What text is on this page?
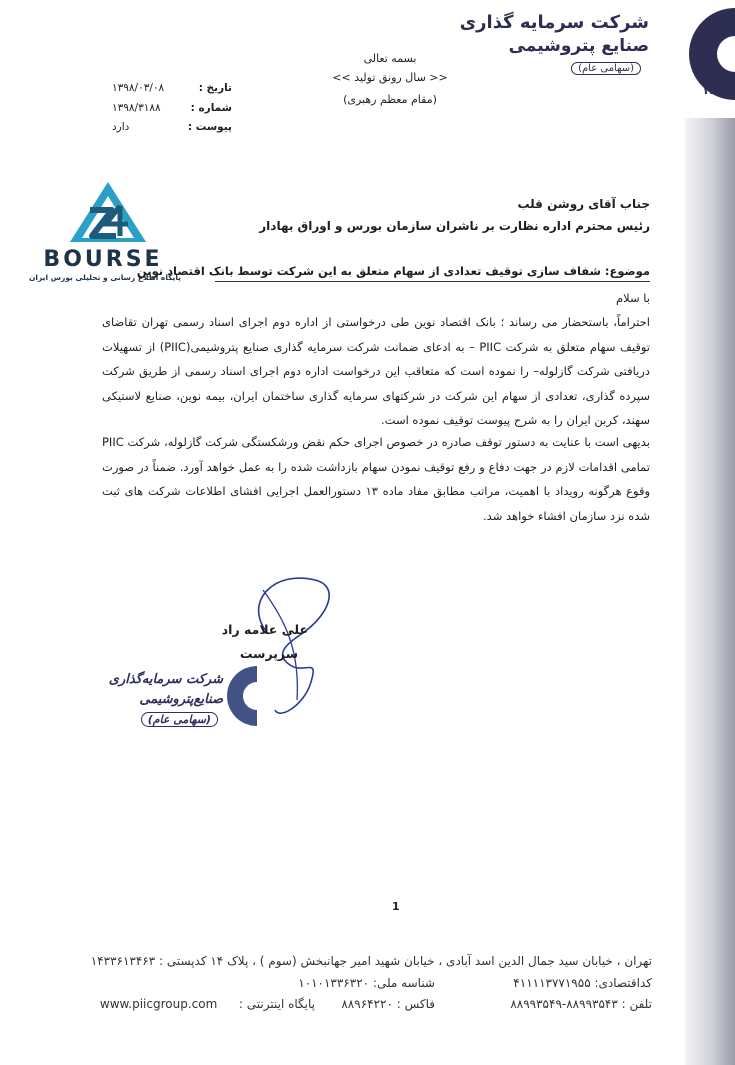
شرکت سرمایه گذاری
صنایع پتروشیمی
(سهامی عام)
۱۳۷۰
بسمه تعالی
<< سال رونق تولید >>
(مقام معظم رهبری)
تاریخ :
۱۳۹۸/۰۳/۰۸
شماره :
۱۳۹۸/۳۱۸۸
پیوست :
دارد
BOURSE
پایگاه اطلاع رسانی و تحلیلی بورس ایران
جناب آقای روشن قلب
رئیس محترم اداره نظارت بر ناشران سازمان بورس و اوراق بهادار
موضوع: شفاف سازی توقیف تعدادی از سهام متعلق به این شرکت توسط بانک اقتصاد نوین
با سلام
احتراماً، باستحضار می رساند ؛ بانک اقتصاد نوین طی درخواستی از اداره دوم اجرای اسناد رسمی تهران تقاضای توقیف سهام متعلق به شرکت PIIC – به ادعای ضمانت شرکت سرمایه گذاری صنایع پتروشیمی(PIIC) از تسهیلات دریافتی شرکت گازلوله– را نموده است که متعاقب این درخواست اداره دوم اجرای اسناد رسمی از طریق شرکت سپرده گذاری، تعدادی از سهام این شرکت در شرکتهای سرمایه گذاری ساختمان ایران، بیمه نوین، صنایع لاستیکی سهند، کربن ایران را به شرح پیوست توقیف نموده است.
بدیهی است با عنایت به دستور توقف صادره در خصوص اجرای حکم نقض ورشکستگی شرکت گازلوله، شرکت PIIC تمامی اقدامات لازم در جهت دفاع و رفع توقیف نمودن سهام بازداشت شده را به عمل خواهد آورد. ضمناً در صورت وقوع هرگونه رویداد با اهمیت، مراتب مطابق مفاد ماده ۱۳ دستورالعمل اجرایی افشای اطلاعات شرکت های ثبت شده نزد سازمان افشاء خواهد شد.
شرکت سرمایه‌گذاری
صنایع‌پتروشیمی
(سهامی عام)
علی علامه راد
سرپرست
1
تهران ، خیابان سید جمال الدین اسد آبادی ، خیابان شهید امیر جهانبخش (سوم ) ، پلاک ۱۴ کدپستی : ۱۴۳۳۶۱۳۴۶۳
کداقتصادی: ۴۱۱۱۱۳۷۷۱۹۵۵
شناسه ملی: ۱۰۱۰۱۳۳۶۳۲۰
تلفن : ۸۸۹۹۳۵۴۳-۸۸۹۹۳۵۴۹
فاکس : ۸۸۹۶۴۲۲۰
www.piicgroup.com پایگاه اینترنتی :
